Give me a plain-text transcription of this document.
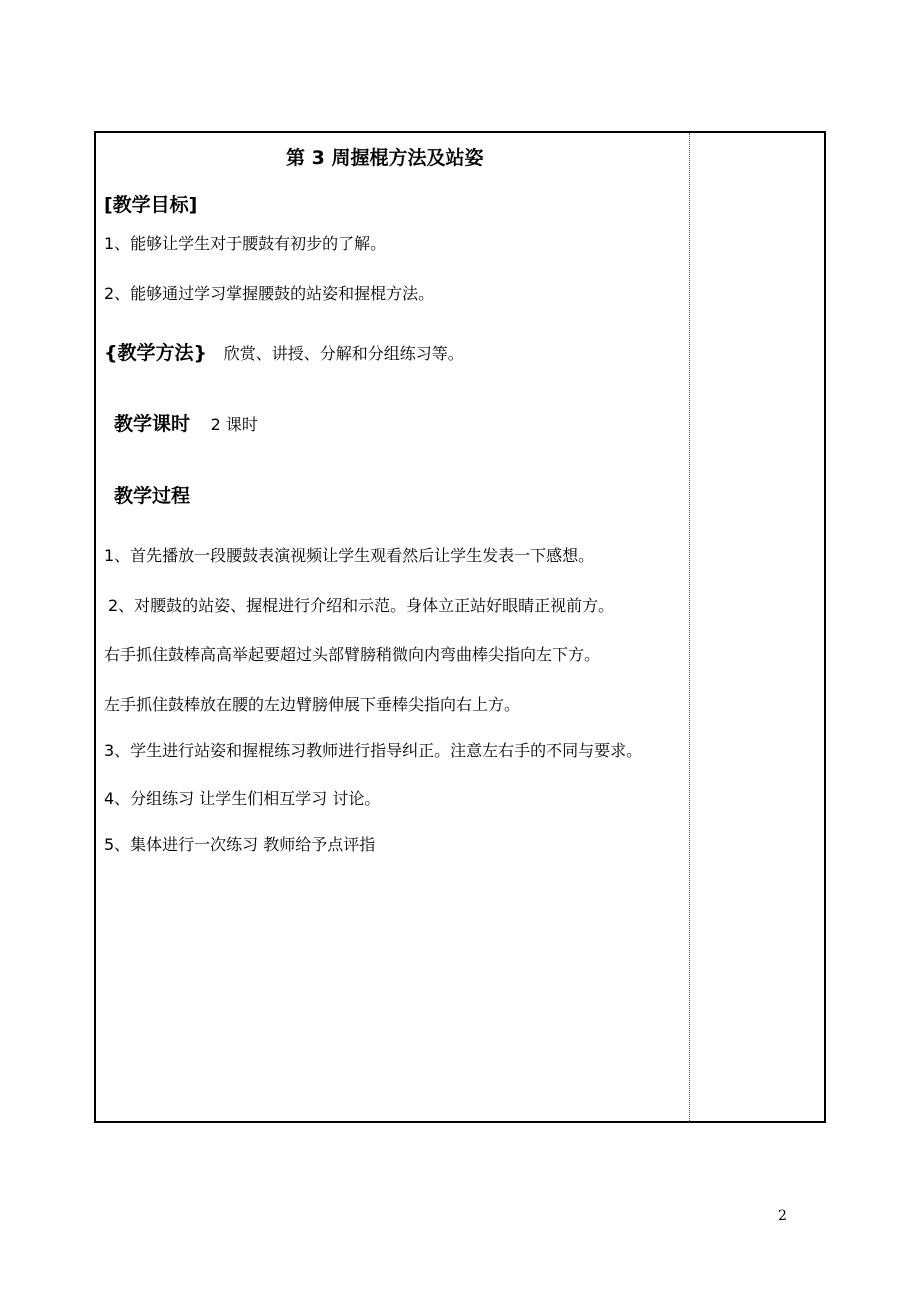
第 3 周握棍方法及站姿
[教学目标]
1、能够让学生对于腰鼓有初步的了解。
2、能够通过学习掌握腰鼓的站姿和握棍方法。
{教学方法} 欣赏、讲授、分解和分组练习等。
教学课时 2 课时
教学过程
1、首先播放一段腰鼓表演视频让学生观看然后让学生发表一下感想。
2、对腰鼓的站姿、握棍进行介绍和示范。身体立正站好眼睛正视前方。
右手抓住鼓棒高高举起要超过头部臂膀稍微向内弯曲棒尖指向左下方。
左手抓住鼓棒放在腰的左边臂膀伸展下垂棒尖指向右上方。
3、学生进行站姿和握棍练习教师进行指导纠正。注意左右手的不同与要求。
4、分组练习 让学生们相互学习 讨论。
5、集体进行一次练习 教师给予点评指
2
